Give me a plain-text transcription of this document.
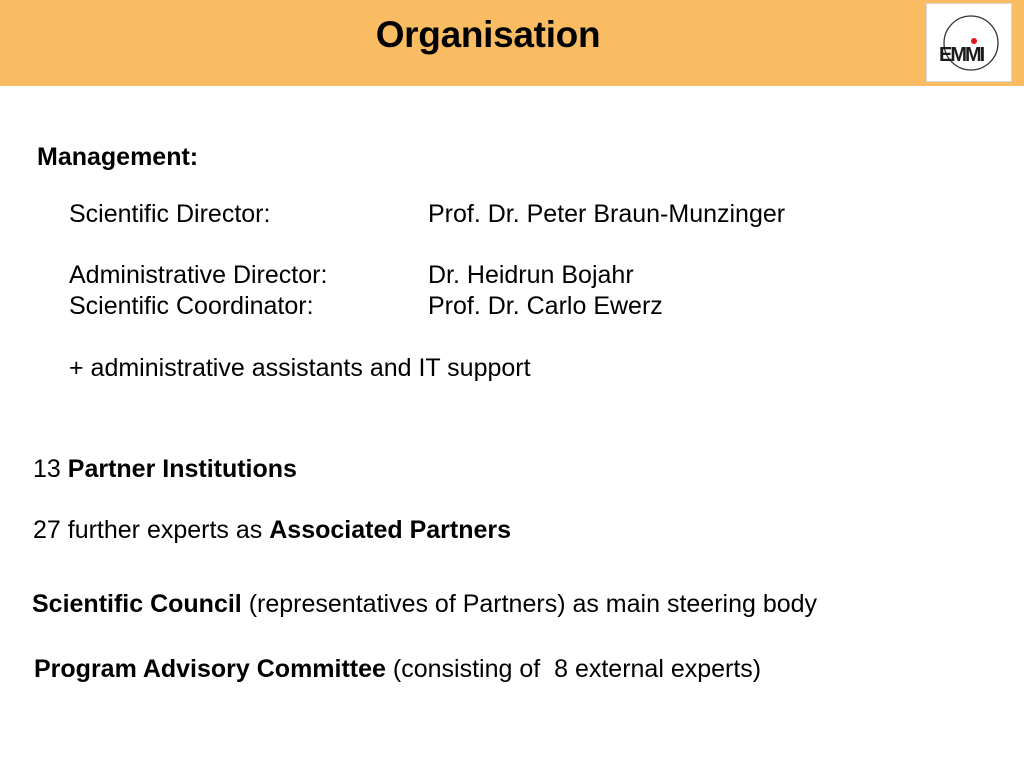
Organisation	EMMI
Management:
Scientific Director:	Prof. Dr. Peter Braun-Munzinger
Administrative Director:	Dr. Heidrun Bojahr
Scientific Coordinator:	Prof. Dr. Carlo Ewerz
+ administrative assistants and IT support
13 Partner Institutions
27 further experts as Associated Partners
Scientific Council (representatives of Partners) as main steering body
Program Advisory Committee (consisting of  8 external experts)
